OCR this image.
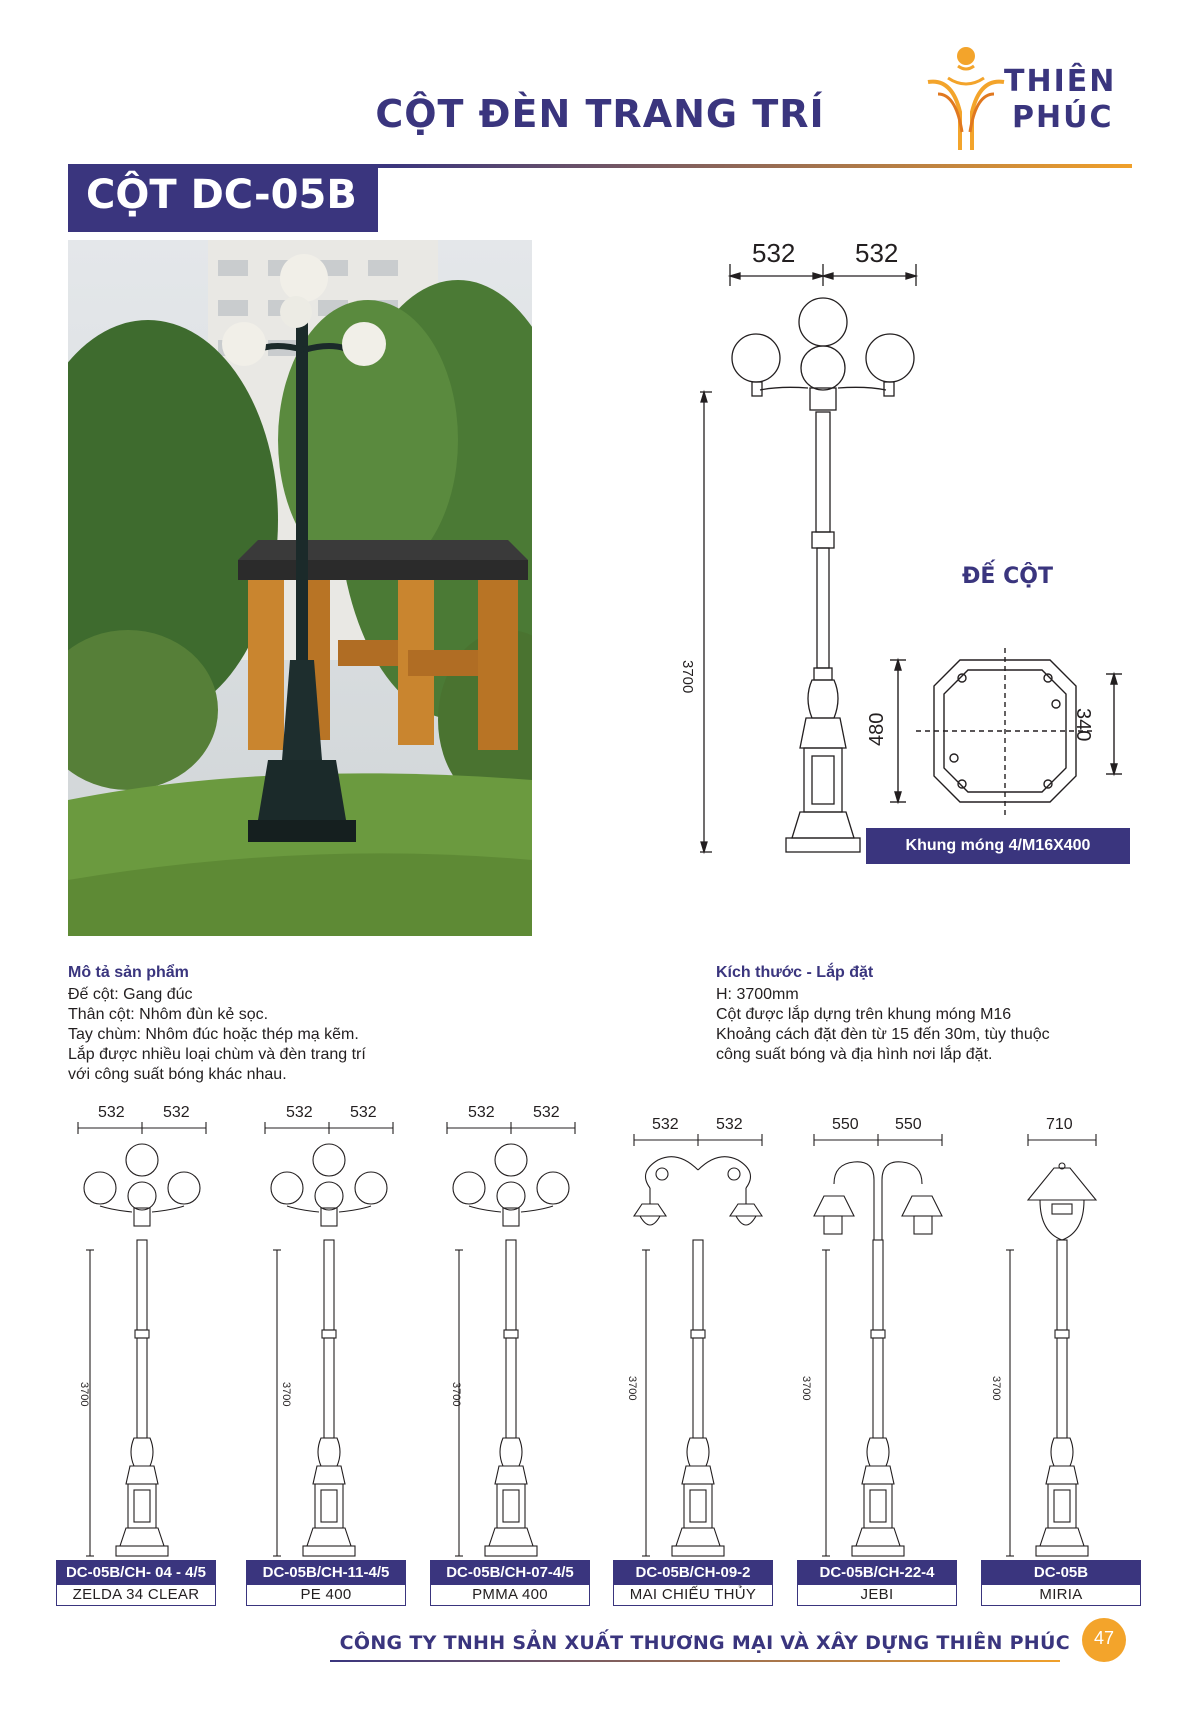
CỘT ĐÈN TRANG TRÍ
THIÊN
PHÚC
CỘT DC-05B
532 532
3700
ĐẾ CỘT
480	340
Khung móng 4/M16X400
Mô tả sản phẩm
Đế cột: Gang đúc
Thân cột: Nhôm đùn kẻ sọc.
Tay chùm: Nhôm đúc hoặc thép mạ kẽm.
Lắp được nhiều loại chùm và đèn trang trí
với công suất bóng khác nhau.
Kích thước - Lắp đặt
H: 3700mm
Cột được lắp dựng trên khung móng M16
Khoảng cách đặt đèn từ 15 đến 30m, tùy thuộc
công suất bóng và địa hình nơi lắp đặt.
DC-05B/CH- 04 - 4/5
ZELDA 34 CLEAR
DC-05B/CH-11-4/5
PE 400
DC-05B/CH-07-4/5
PMMA 400
DC-05B/CH-09-2
MAI CHIẾU THỦY
DC-05B/CH-22-4
JEBI
DC-05B
MIRIA
532 532	532 532	532 532
532 532	550 550	710
3700	3700	3700	3700	3700	3700
CÔNG TY TNHH SẢN XUẤT THƯƠNG MẠI VÀ XÂY DỰNG THIÊN PHÚC	47
